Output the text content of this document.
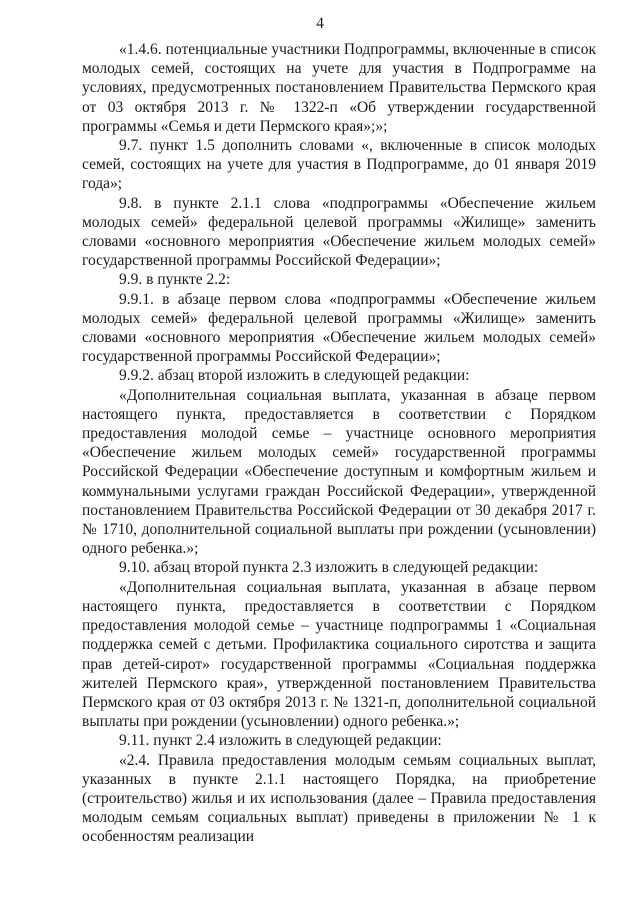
4

«1.4.6. потенциальные участники Подпрограммы, включенные в список молодых семей, состоящих на учете для участия в Подпрограмме на условиях, предусмотренных постановлением Правительства Пермского края от 03 октября 2013 г. № 1322-п «Об утверждении государственной программы «Семья и дети Пермского края»;»;

9.7. пункт 1.5 дополнить словами «, включенные в список молодых семей, состоящих на учете для участия в Подпрограмме, до 01 января 2019 года»;

9.8. в пункте 2.1.1 слова «подпрограммы «Обеспечение жильем молодых семей» федеральной целевой программы «Жилище» заменить словами «основного мероприятия «Обеспечение жильем молодых семей» государственной программы Российской Федерации»;

9.9. в пункте 2.2:

9.9.1. в абзаце первом слова «подпрограммы «Обеспечение жильем молодых семей» федеральной целевой программы «Жилище» заменить словами «основного мероприятия «Обеспечение жильем молодых семей» государственной программы Российской Федерации»;

9.9.2. абзац второй изложить в следующей редакции:

«Дополнительная социальная выплата, указанная в абзаце первом настоящего пункта, предоставляется в соответствии с Порядком предоставления молодой семье – участнице основного мероприятия «Обеспечение жильем молодых семей» государственной программы Российской Федерации «Обеспечение доступным и комфортным жильем и коммунальными услугами граждан Российской Федерации», утвержденной постановлением Правительства Российской Федерации от 30 декабря 2017 г. № 1710, дополнительной социальной выплаты при рождении (усыновлении) одного ребенка.»;

9.10. абзац второй пункта 2.3 изложить в следующей редакции:

«Дополнительная социальная выплата, указанная в абзаце первом настоящего пункта, предоставляется в соответствии с Порядком предоставления молодой семье – участнице подпрограммы 1 «Социальная поддержка семей с детьми. Профилактика социального сиротства и защита прав детей-сирот» государственной программы «Социальная поддержка жителей Пермского края», утвержденной постановлением Правительства Пермского края от 03 октября 2013 г. № 1321-п, дополнительной социальной выплаты при рождении (усыновлении) одного ребенка.»;

9.11. пункт 2.4 изложить в следующей редакции:

«2.4. Правила предоставления молодым семьям социальных выплат, указанных в пункте 2.1.1 настоящего Порядка, на приобретение (строительство) жилья и их использования (далее – Правила предоставления молодым семьям социальных выплат) приведены в приложении № 1 к особенностям реализации
